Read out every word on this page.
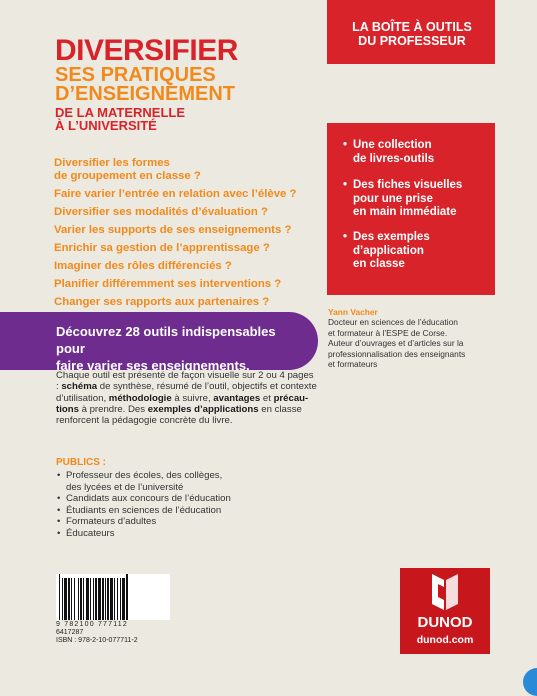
DIVERSIFIER
SES PRATIQUES
D’ENSEIGNEMENT
DE LA MATERNELLE
À L’UNIVERSITÉ
Diversifier les formes
de groupement en classe ?
Faire varier l’entrée en relation avec l’élève ?
Diversifier ses modalités d’évaluation ?
Varier les supports de ses enseignements ?
Enrichir sa gestion de l’apprentissage ?
Imaginer des rôles différenciés ?
Planifier différemment ses interventions ?
Changer ses rapports aux partenaires ?
Découvrez 28 outils indispensables pour
faire varier ses enseignements.
Chaque outil est présenté de façon visuelle sur 2 ou 4 pages : schéma de synthèse, résumé de l’outil, objectifs et contexte d’utilisation, méthodologie à suivre, avantages et précau-tions à prendre. Des exemples d’applications en classe renforcent la pédagogie concrète du livre.
PUBLICS :
• Professeur des écoles, des collèges,
des lycées et de l’université
• Candidats aux concours de l’éducation
• Étudiants en sciences de l’éducation
• Formateurs d’adultes
• Éducateurs
9 782100 777112
6417287
ISBN : 978-2-10-077711-2
LA BOÎTE À OUTILS
DU PROFESSEUR
• Une collection
de livres-outils
• Des fiches visuelles
pour une prise
en main immédiate
• Des exemples
d’application
en classe
Yann Vacher
Docteur en sciences de l’éducation
et formateur à l’ESPE de Corse.
Auteur d’ouvrages et d’articles sur la
professionnalisation des enseignants
et formateurs
DUNOD
dunod.com
